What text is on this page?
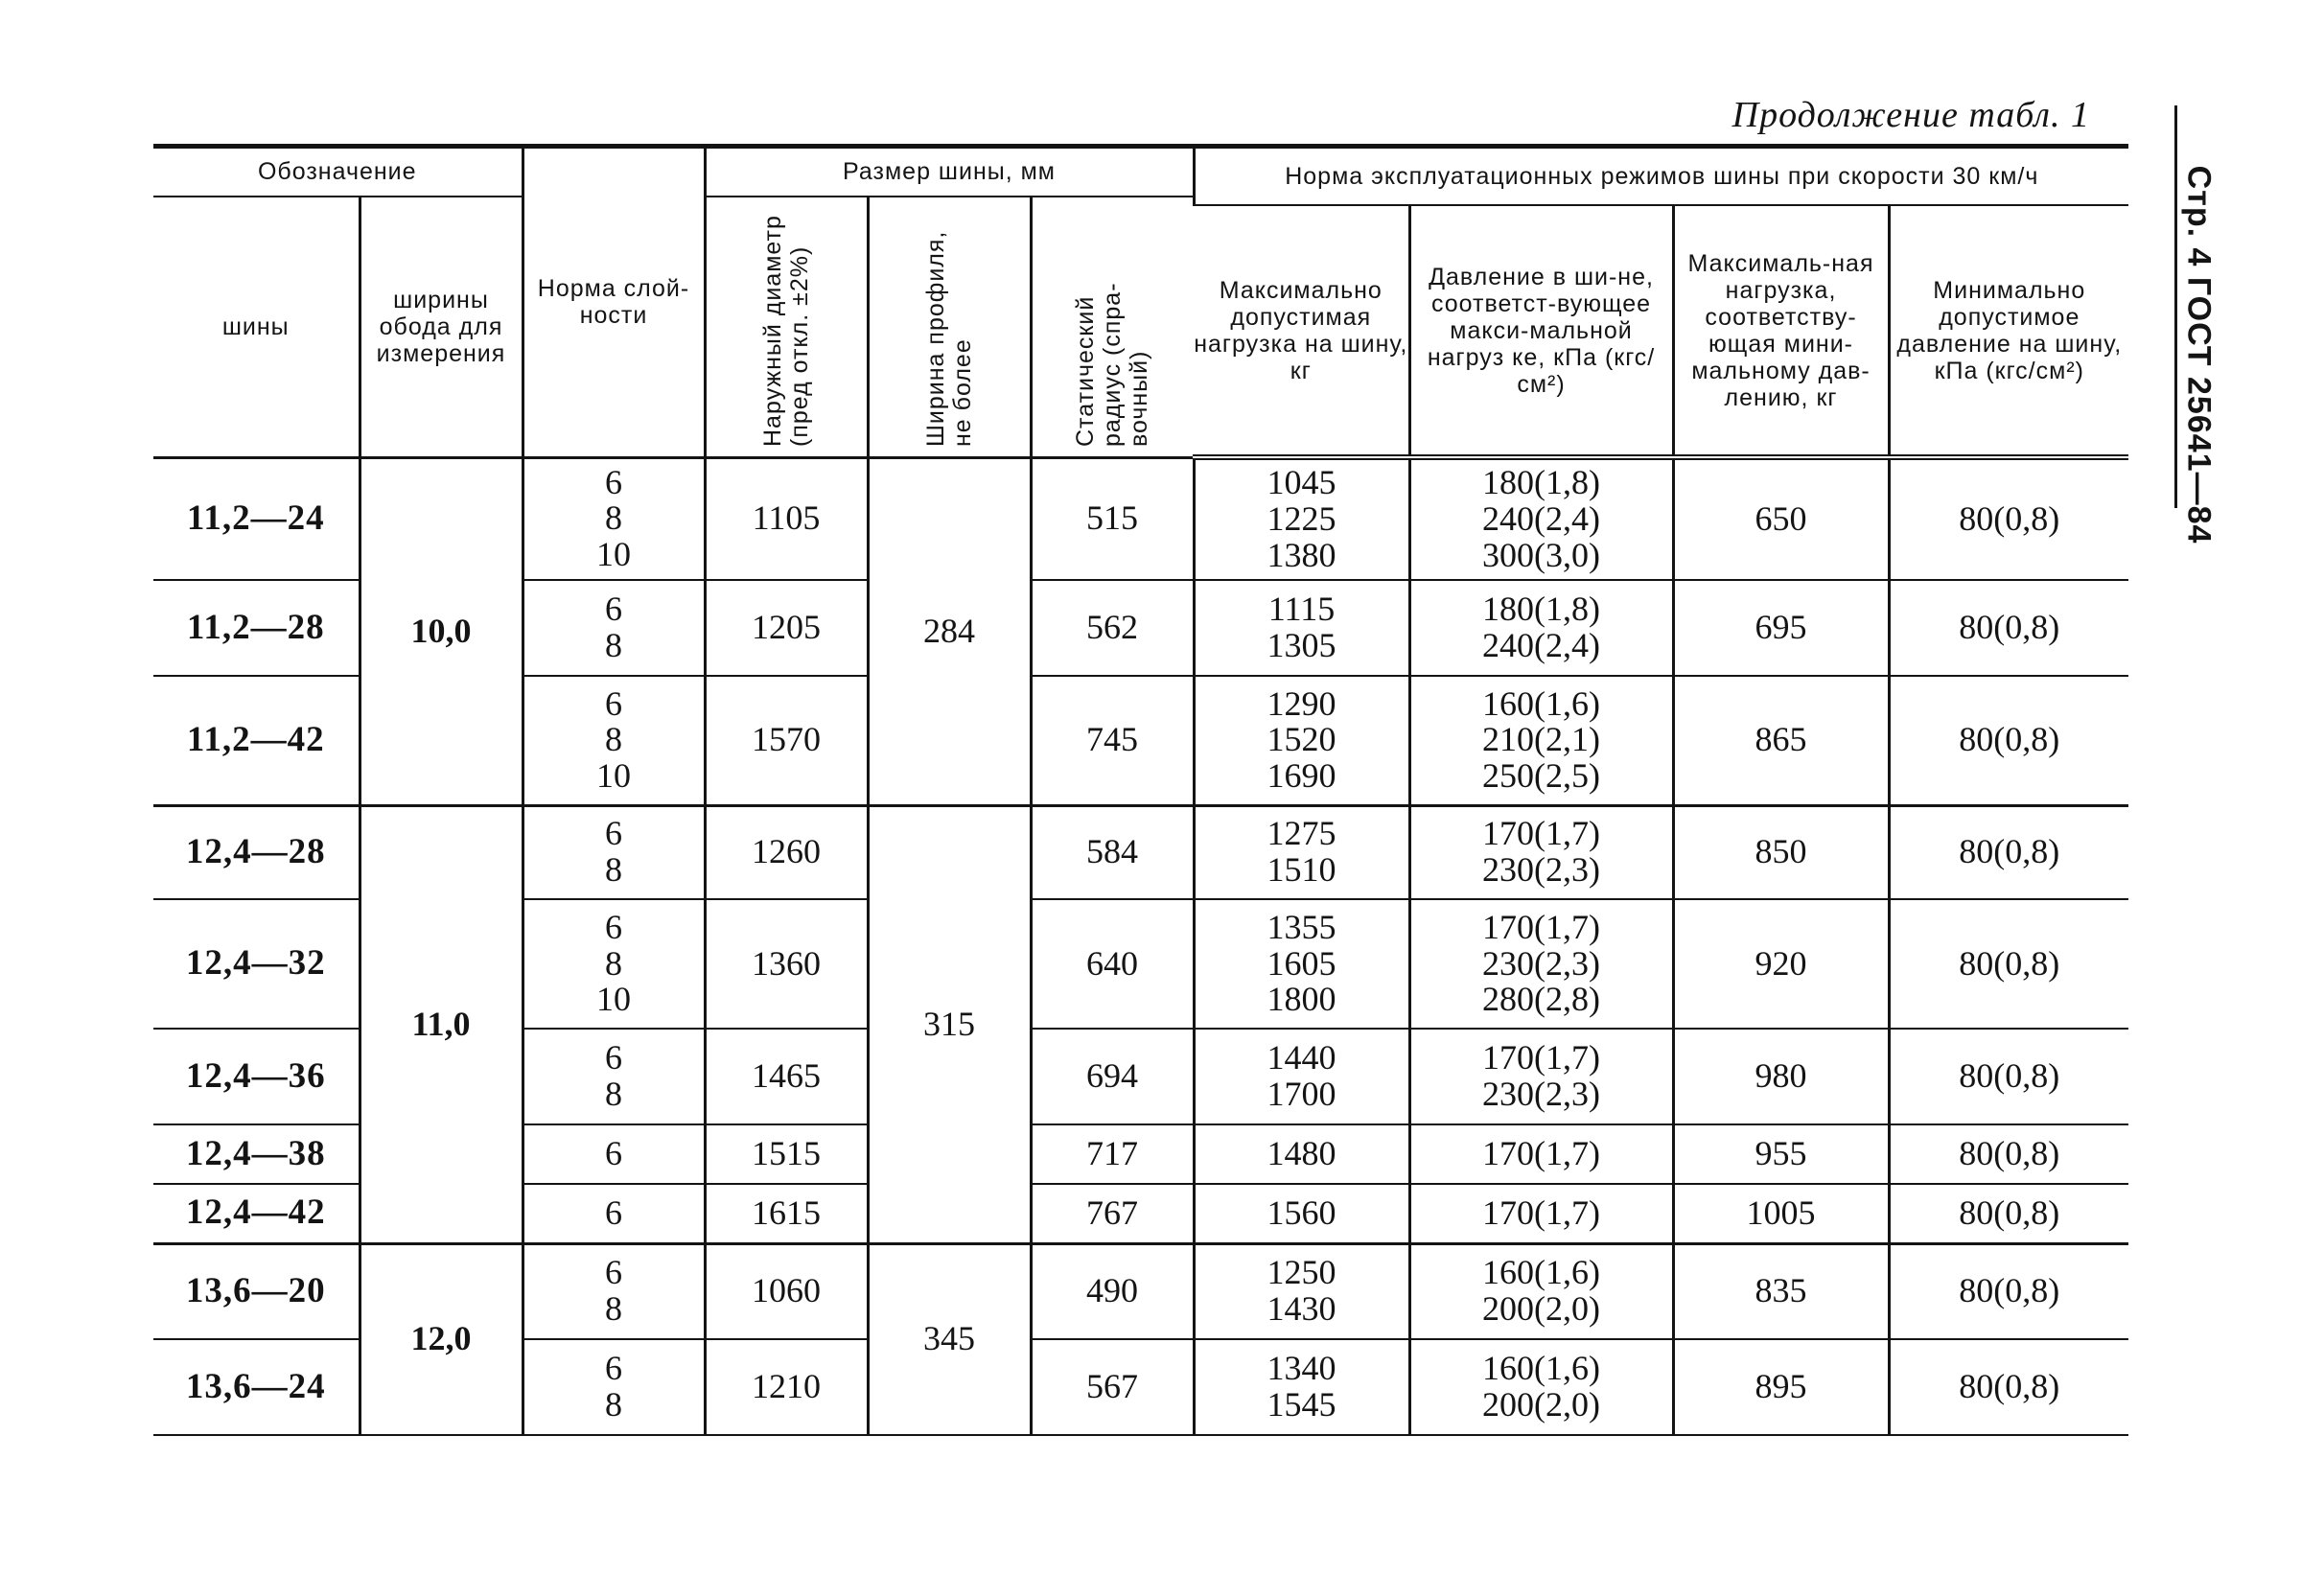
Продолжение табл. 1
Стр. 4 ГОСТ 25641—84
Обозначение		Норма слой-ности	Размер шины, мм			Норма эксплуатационных режимов шины при скорости 30 км/ч			
шины	ширины обода для измерения		Наружный диаметр (пред откл. ±2%)	Ширина профиля, не более	Статический радиус (спра-вочный)				

						Максимально допустимая нагрузка на шину, кг	Давление в ши-не, соответст-вующее макси-мальной нагруз ке, кПа (кгс/см²)	Максималь-ная нагрузка, соответству-ющая мини-мальному дав-лению, кг	Минимально допустимое давление на шину, кПа (кгс/см²)
11,2—24	10,0	6
8
10	1105	284	515	1045
1225
1380	180(1,8)
240(2,4)
300(3,0)	650	80(0,8)
11,2—28		6
8	1205		562	1115
1305	180(1,8)
240(2,4)	695	80(0,8)
11,2—42		6
8
10	1570		745	1290
1520
1690	160(1,6)
210(2,1)
250(2,5)	865	80(0,8)
12,4—28	11,0	6
8	1260	315	584	1275
1510	170(1,7)
230(2,3)	850	80(0,8)
12,4—32		6
8
10	1360		640	1355
1605
1800	170(1,7)
230(2,3)
280(2,8)	920	80(0,8)
12,4—36		6
8	1465		694	1440
1700	170(1,7)
230(2,3)	980	80(0,8)
12,4—38		6	1515		717	1480	170(1,7)	955	80(0,8)
12,4—42		6	1615		767	1560	170(1,7)	1005	80(0,8)
13,6—20	12,0	6
8	1060	345	490	1250
1430	160(1,6)
200(2,0)	835	80(0,8)
13,6—24		6
8	1210		567	1340
1545	160(1,6)
200(2,0)	895	80(0,8)
